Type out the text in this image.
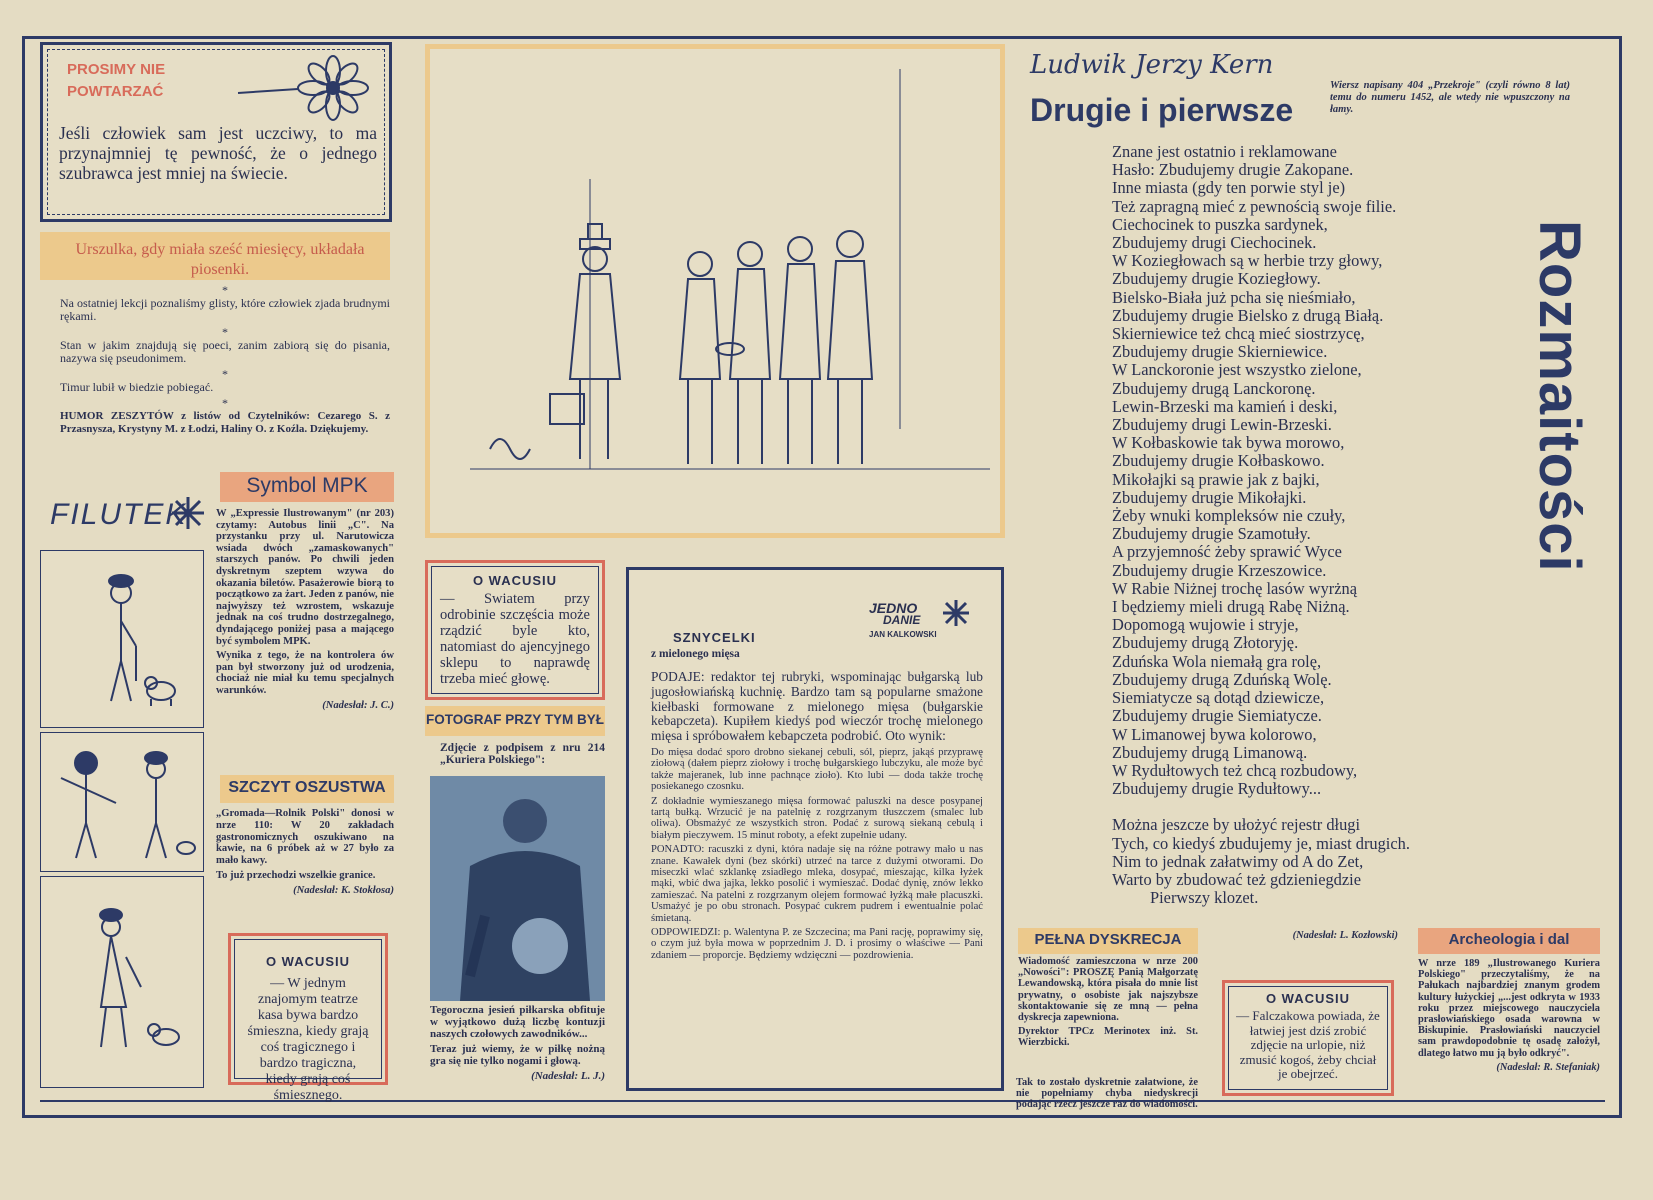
PROSIMY NIE
POWTARZAĆ
Jeśli człowiek sam jest uczciwy, to ma przynajmniej tę pewność, że o jednego szubrawca jest mniej na świecie.
Urszulka, gdy miała sześć miesięcy, układała piosenki.
*

Na ostatniej lekcji poznaliśmy glisty, które człowiek zjada brudnymi rękami.

*

Stan w jakim znajdują się poeci, zanim zabiorą się do pisania, nazywa się pseudonimem.

*

Timur lubił w biedzie pobiegać.

*

HUMOR ZESZYTÓW z listów od Czytelników: Cezarego S. z Przasnysza, Krystyny M. z Łodzi, Haliny O. z Koźla. Dziękujemy.

FILUTEK
Symbol MPK

W „Expressie Ilustrowanym" (nr 203) czytamy: Autobus linii „C". Na przystanku przy ul. Narutowicza wsiada dwóch „zamaskowanych" starszych panów. Po chwili jeden dyskretnym szeptem wzywa do okazania biletów. Pasażerowie biorą to początkowo za żart. Jeden z panów, nie najwyższy też wzrostem, wskazuje jednak na coś trudno dostrzegalnego, dyndającego poniżej pasa a mającego być symbolem MPK.

Wynika z tego, że na kontrolera ów pan był stworzony już od urodzenia, chociaż nie miał ku temu specjalnych warunków.

(Nadesłał: J. C.)

SZCZYT OSZUSTWA

„Gromada—Rolnik Polski" donosi w nrze 110: W 20 zakładach gastronomicznych oszukiwano na kawie, na 6 próbek aż w 27 było za mało kawy.

To już przechodzi wszelkie granice.

(Nadesłał: K. Stokłosa)

O WACUSIU
— W jednym znajomym teatrze kasa bywa bardzo śmieszna, kiedy grają coś tragicznego i bardzo tragiczna, kiedy grają coś śmiesznego.
O WACUSIU
— Swiatem przy odrobinie szczęścia może rządzić byle kto, natomiast do ajencyjnego sklepu to naprawdę trzeba mieć głowę.
FOTOGRAF PRZY TYM BYŁ
Zdjęcie z podpisem z nru 214 „Kuriera Polskiego":

Tegoroczna jesień piłkarska obfituje w wyjątkowo dużą liczbę kontuzji naszych czołowych zawodników...

Teraz już wiemy, że w piłkę nożną gra się nie tylko nogami i głową.

(Nadesłał: L. J.)

JEDNO
DANIE
JAN KALKOWSKI
SZNYCELKI
z mielonego mięsa

PODAJE: redaktor tej rubryki, wspominając bułgarską lub jugosłowiańską kuchnię. Bardzo tam są popularne smażone kiełbaski formowane z mielonego mięsa (bułgarskie kebapczeta). Kupiłem kiedyś pod wieczór trochę mielonego mięsa i spróbowałem kebapczeta podrobić. Oto wynik:

Do mięsa dodać sporo drobno siekanej cebuli, sól, pieprz, jakąś przyprawę ziołową (dałem pieprz ziołowy i trochę bułgarskiego lubczyku, ale może być także majeranek, lub inne pachnące zioło). Kto lubi — doda także trochę posiekanego czosnku.

Z dokładnie wymieszanego mięsa formować paluszki na desce posypanej tartą bułką. Wrzucić je na patelnię z rozgrzanym tłuszczem (smalec lub oliwa). Obsmażyć ze wszystkich stron. Podać z surową siekaną cebulą i białym pieczywem. 15 minut roboty, a efekt zupełnie udany.

PONADTO: racuszki z dyni, która nadaje się na różne potrawy mało u nas znane. Kawałek dyni (bez skórki) utrzeć na tarce z dużymi otworami. Do miseczki wlać szklankę zsiadłego mleka, dosypać, mieszając, kilka łyżek mąki, wbić dwa jajka, lekko posolić i wymieszać. Dodać dynię, znów lekko zamieszać. Na patelni z rozgrzanym olejem formować łyżką małe placuszki. Usmażyć je po obu stronach. Posypać cukrem pudrem i ewentualnie polać śmietaną.

ODPOWIEDZI: p. Walentyna P. ze Szczecina; ma Pani rację, poprawimy się, o czym już była mowa w poprzednim J. D. i prosimy o właściwe — Pani zdaniem — proporcje. Będziemy wdzięczni — pozdrowienia.

Ludwik Jerzy Kern
Drugie i pierwsze
Wiersz napisany 404 „Przekroje" (czyli równo 8 lat) temu do numeru 1452, ale wtedy nie wpuszczony na łamy.
Znane jest ostatnio i reklamowane
Hasło: Zbudujemy drugie Zakopane.
Inne miasta (gdy ten porwie styl je)
Też zapragną mieć z pewnością swoje filie.
Ciechocinek to puszka sardynek,
Zbudujemy drugi Ciechocinek.
W Koziegłowach są w herbie trzy głowy,
Zbudujemy drugie Koziegłowy.
Bielsko-Biała już pcha się nieśmiało,
Zbudujemy drugie Bielsko z drugą Białą.
Skierniewice też chcą mieć siostrzycę,
Zbudujemy drugie Skierniewice.
W Lanckoronie jest wszystko zielone,
Zbudujemy drugą Lanckoronę.
Lewin-Brzeski ma kamień i deski,
Zbudujemy drugi Lewin-Brzeski.
W Kołbaskowie tak bywa morowo,
Zbudujemy drugie Kołbaskowo.
Mikołajki są prawie jak z bajki,
Zbudujemy drugie Mikołajki.
Żeby wnuki kompleksów nie czuły,
Zbudujemy drugie Szamotuły.
A przyjemność żeby sprawić Wyce
Zbudujemy drugie Krzeszowice.
W Rabie Niżnej trochę lasów wyrżną
I będziemy mieli drugą Rabę Niżną.
Dopomogą wujowie i stryje,
Zbudujemy drugą Złotoryję.
Zduńska Wola niemałą gra rolę,
Zbudujemy drugą Zduńską Wolę.
Siemiatycze są dotąd dziewicze,
Zbudujemy drugie Siemiatycze.
W Limanowej bywa kolorowo,
Zbudujemy drugą Limanową.
W Rydułtowych też chcą rozbudowy,
Zbudujemy drugie Rydułtowy...
Można jeszcze by ułożyć rejestr długi
Tych, co kiedyś zbudujemy je, miast drugich.
Nim to jednak załatwimy od A do Zet,
Warto by zbudować też gdzieniegdzie
Pierwszy klozet.
Rozmaitości
PEŁNA DYSKRECJA

Wiadomość zamieszczona w nrze 200 „Nowości": PROSZĘ Panią Małgorzatę Lewandowską, która pisała do mnie list prywatny, o osobiste jak najszybsze skontaktowanie się ze mną — pełna dyskrecja zapewniona.

Dyrektor TPCz Merinotex inż. St. Wierzbicki.

Tak to zostało dyskretnie załatwione, że nie popełniamy chyba niedyskrecji podając rzecz jeszcze raz do wiadomości.

(Nadesłał: L. Kozłowski)

O WACUSIU
— Falczakowa powiada, że łatwiej jest dziś zrobić zdjęcie na urlopie, niż zmusić kogoś, żeby chciał je obejrzeć.
Archeologia i dal

W nrze 189 „Ilustrowanego Kuriera Polskiego" przeczytaliśmy, że na Pałukach najbardziej znanym grodem kultury łużyckiej „...jest odkryta w 1933 roku przez miejscowego nauczyciela prasłowiańskiego osada warowna w Biskupinie. Prasłowiański nauczyciel sam prawdopodobnie tę osadę założył, dlatego łatwo mu ją było odkryć".

(Nadesłał: R. Stefaniak)
